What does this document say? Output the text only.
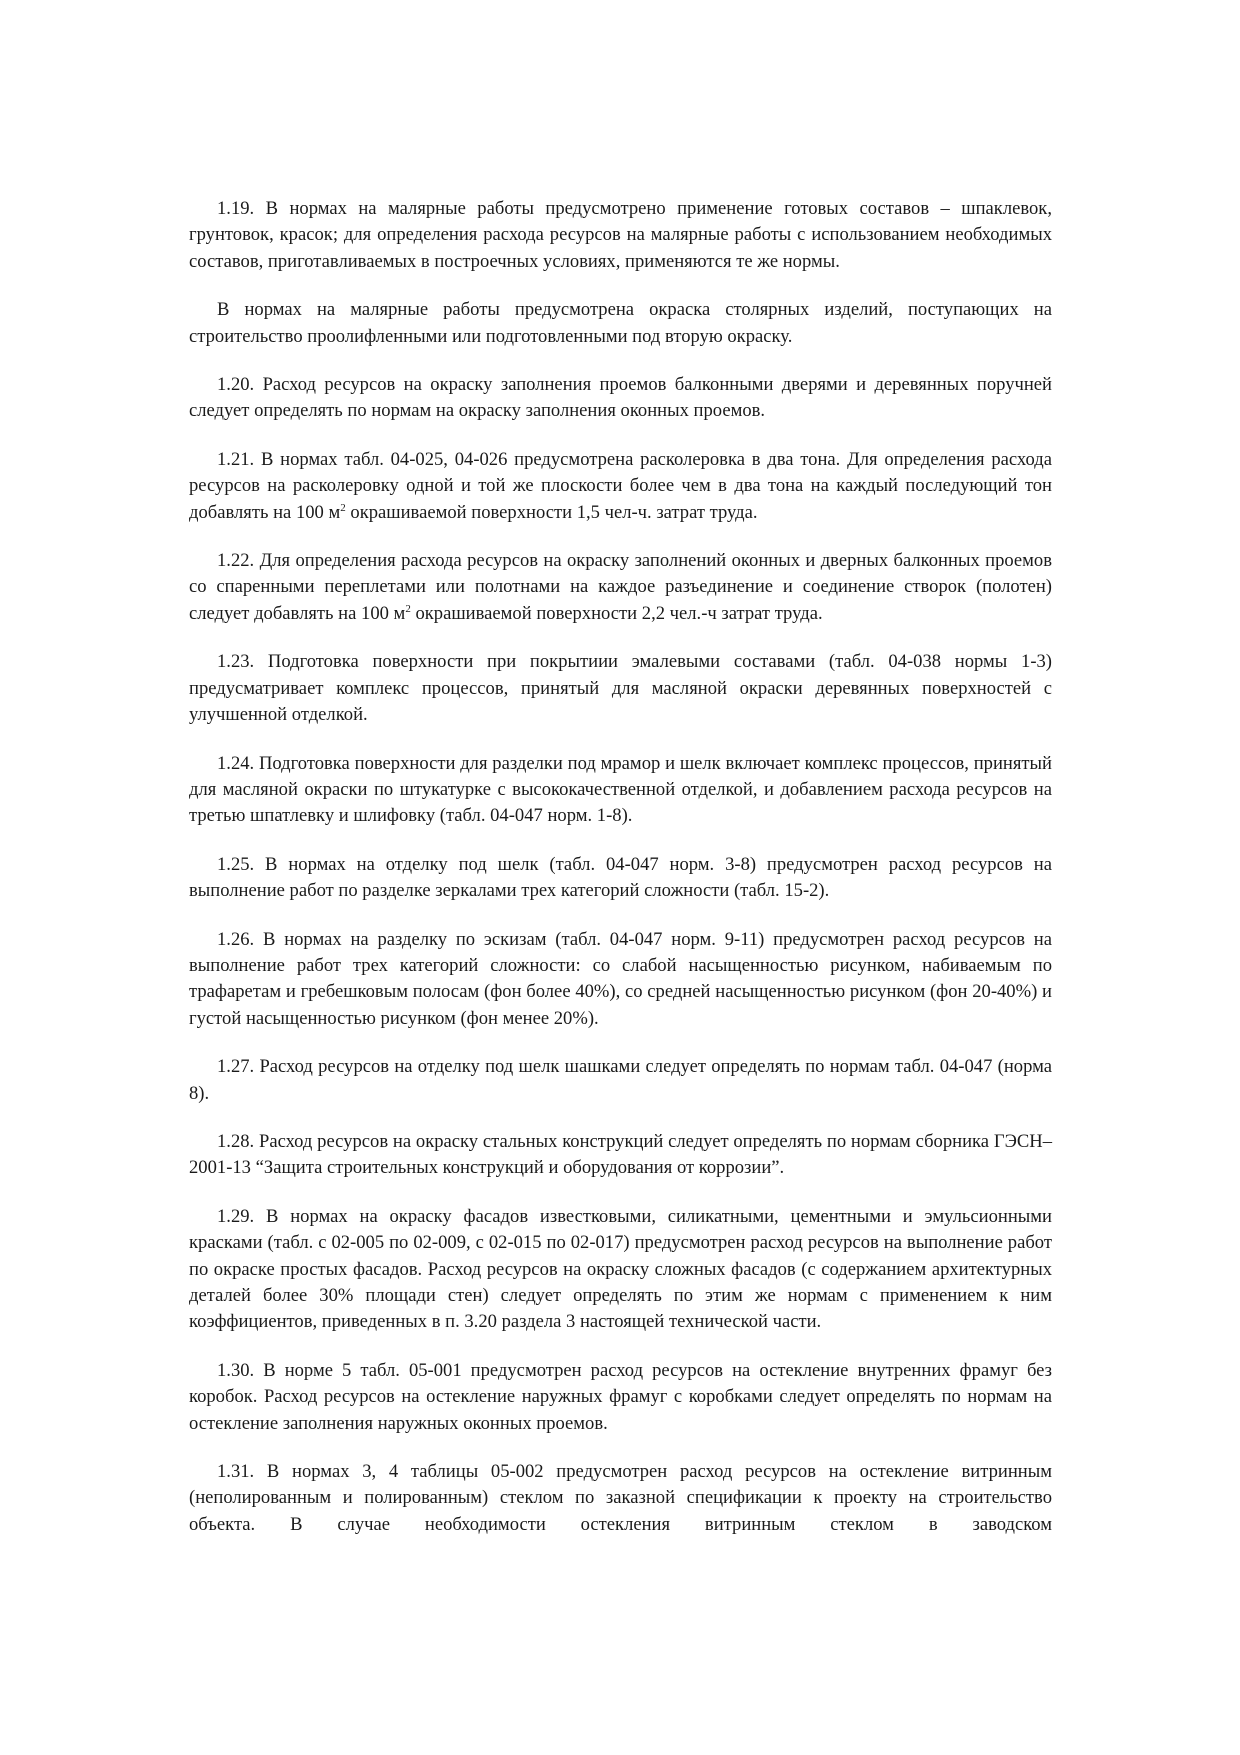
1.19. В нормах на малярные работы предусмотрено применение готовых составов – шпаклевок, грунтовок, красок; для определения расхода ресурсов на малярные работы с использованием необходимых составов, приготавливаемых в построечных условиях, применяются те же нормы.

В нормах на малярные работы предусмотрена окраска столярных изделий, поступающих на строительство проолифленными или подготовленными под вторую окраску.

1.20. Расход ресурсов на окраску заполнения проемов балконными дверями и деревянных поручней следует определять по нормам на окраску заполнения оконных проемов.

1.21. В нормах табл. 04-025, 04-026 предусмотрена расколеровка в два тона. Для определения расхода ресурсов на расколеровку одной и той же плоскости более чем в два тона на каждый последующий тон добавлять на 100 $м^2$ окрашиваемой поверхности 1,5 чел-ч. затрат труда.

1.22. Для определения расхода ресурсов на окраску заполнений оконных и дверных балконных проемов со спаренными переплетами или полотнами на каждое разъединение и соединение створок (полотен) следует добавлять на 100 $м^2$ окрашиваемой поверхности 2,2 чел.-ч затрат труда.

1.23. Подготовка поверхности при покрытиии эмалевыми составами (табл. 04-038 нормы 1-3) предусматривает комплекс процессов, принятый для масляной окраски деревянных поверхностей с улучшенной отделкой.

1.24. Подготовка поверхности для разделки под мрамор и шелк включает комплекс процессов, принятый для масляной окраски по штукатурке с высококачественной отделкой, и добавлением расхода ресурсов на третью шпатлевку и шлифовку (табл. 04-047 норм. 1-8).

1.25. В нормах на отделку под шелк (табл. 04-047 норм. 3-8) предусмотрен расход ресурсов на выполнение работ по разделке зеркалами трех категорий сложности (табл. 15-2).

1.26. В нормах на разделку по эскизам (табл. 04-047 норм. 9-11) предусмотрен расход ресурсов на выполнение работ трех категорий сложности: со слабой насыщенностью рисунком, набиваемым по трафаретам и гребешковым полосам (фон более 40%), со средней насыщенностью рисунком (фон 20-40%) и густой насыщенностью рисунком (фон менее 20%).

1.27. Расход ресурсов на отделку под шелк шашками следует определять по нормам табл. 04-047 (норма 8).

1.28. Расход ресурсов на окраску стальных конструкций следует определять по нормам сборника ГЭСН–2001-13 “Защита строительных конструкций и оборудования от коррозии”.

1.29. В нормах на окраску фасадов известковыми, силикатными, цементными и эмульсионными красками (табл. с 02-005 по 02-009, с 02-015 по 02-017) предусмотрен расход ресурсов на выполнение работ по окраске простых фасадов. Расход ресурсов на окраску сложных фасадов (с содержанием архитектурных деталей более 30% площади стен) следует определять по этим же нормам с применением к ним коэффициентов, приведенных в п. 3.20 раздела 3 настоящей технической части.

1.30. В норме 5 табл. 05-001 предусмотрен расход ресурсов на остекление внутренних фрамуг без коробок. Расход ресурсов на остекление наружных фрамуг с коробками следует определять по нормам на остекление заполнения наружных оконных проемов.

1.31. В нормах 3, 4 таблицы 05-002 предусмотрен расход ресурсов на остекление витринным (неполированным и полированным) стеклом по заказной спецификации к проекту на строительство объекта. В случае необходимости остекления витринным стеклом в заводском
